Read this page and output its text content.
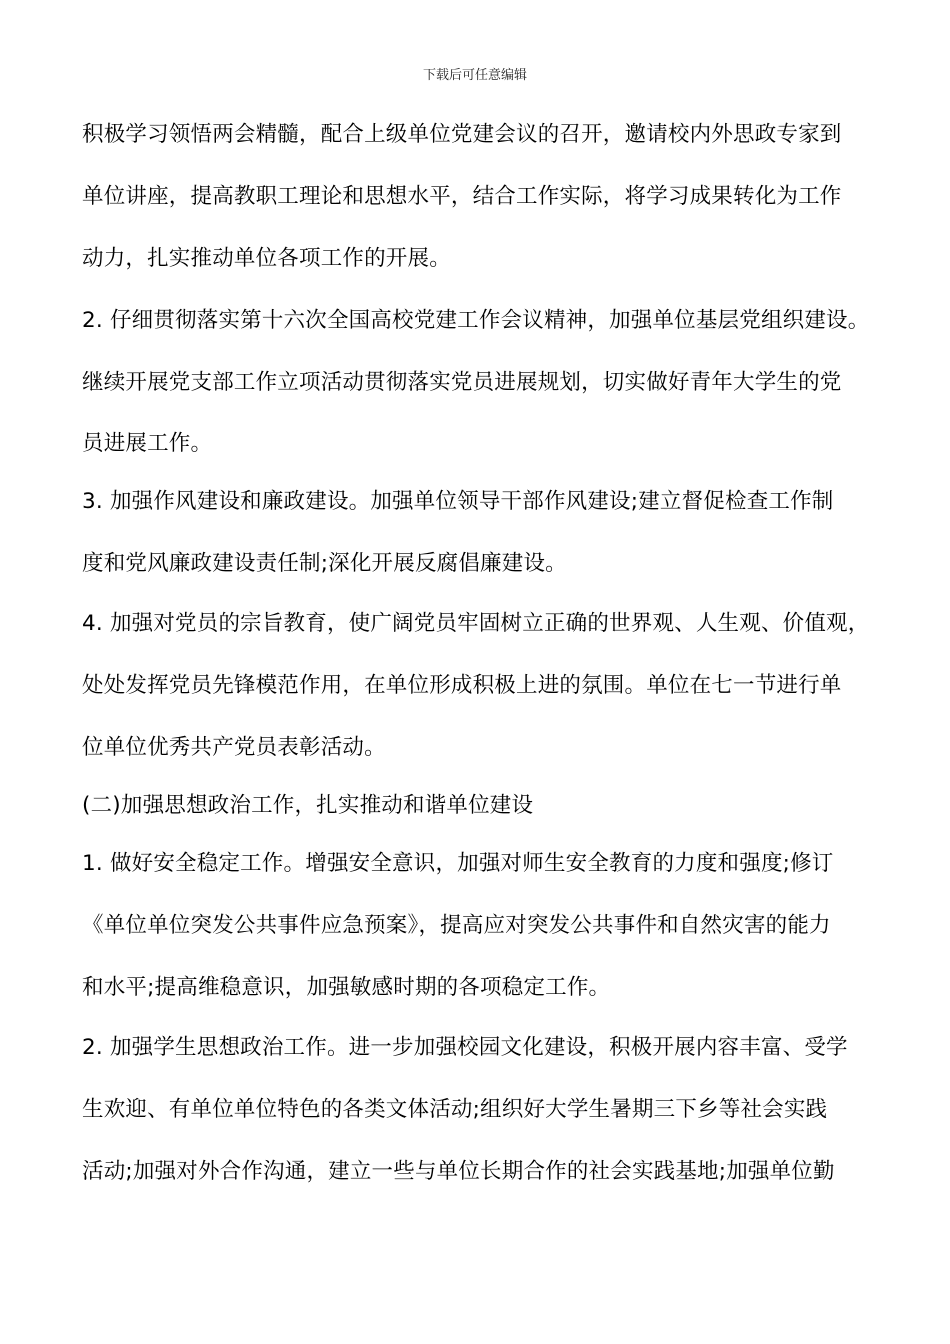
下载后可任意编辑
积极学习领悟两会精髓，配合上级单位党建会议的召开，邀请校内外思政专家到
单位讲座，提高教职工理论和思想水平，结合工作实际，将学习成果转化为工作
动力，扎实推动单位各项工作的开展。
2. 仔细贯彻落实第十六次全国高校党建工作会议精神，加强单位基层党组织建设。
继续开展党支部工作立项活动贯彻落实党员进展规划，切实做好青年大学生的党
员进展工作。
3. 加强作风建设和廉政建设。加强单位领导干部作风建设;建立督促检查工作制
度和党风廉政建设责任制;深化开展反腐倡廉建设。
4. 加强对党员的宗旨教育，使广阔党员牢固树立正确的世界观、人生观、价值观，
处处发挥党员先锋模范作用，在单位形成积极上进的氛围。单位在七一节进行单
位单位优秀共产党员表彰活动。
(二)加强思想政治工作，扎实推动和谐单位建设
1. 做好安全稳定工作。增强安全意识，加强对师生安全教育的力度和强度;修订
《单位单位突发公共事件应急预案》，提高应对突发公共事件和自然灾害的能力
和水平;提高维稳意识，加强敏感时期的各项稳定工作。
2. 加强学生思想政治工作。进一步加强校园文化建设，积极开展内容丰富、受学
生欢迎、有单位单位特色的各类文体活动;组织好大学生暑期三下乡等社会实践
活动;加强对外合作沟通，建立一些与单位长期合作的社会实践基地;加强单位勤
